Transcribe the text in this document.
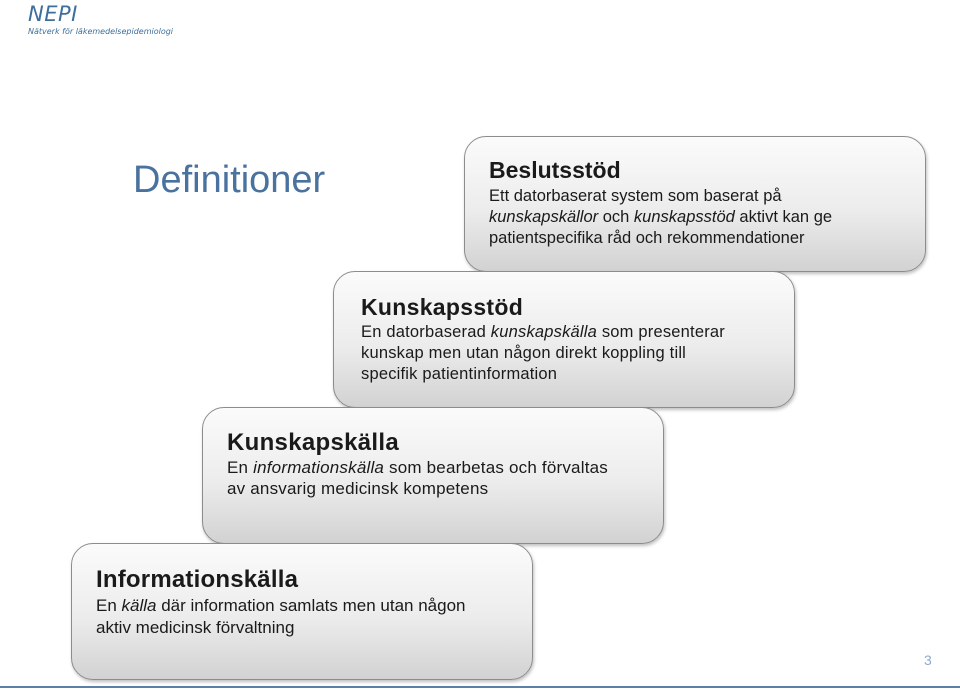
NEPI
Nätverk för läkemedelsepidemiologi
Definitioner	Beslutsstöd

Ett datorbaserat system som baserat på
kunskapskällor och kunskapsstöd aktivt kan ge
patientspecifika råd och rekommendationer

Kunskapsstöd

En datorbaserad kunskapskälla som presenterar
kunskap men utan någon direkt koppling till
specifik patientinformation

Kunskapskälla

En informationskälla som bearbetas och förvaltas
av ansvarig medicinsk kompetens

Informationskälla

En källa där information samlats men utan någon
aktiv medicinsk förvaltning

3
